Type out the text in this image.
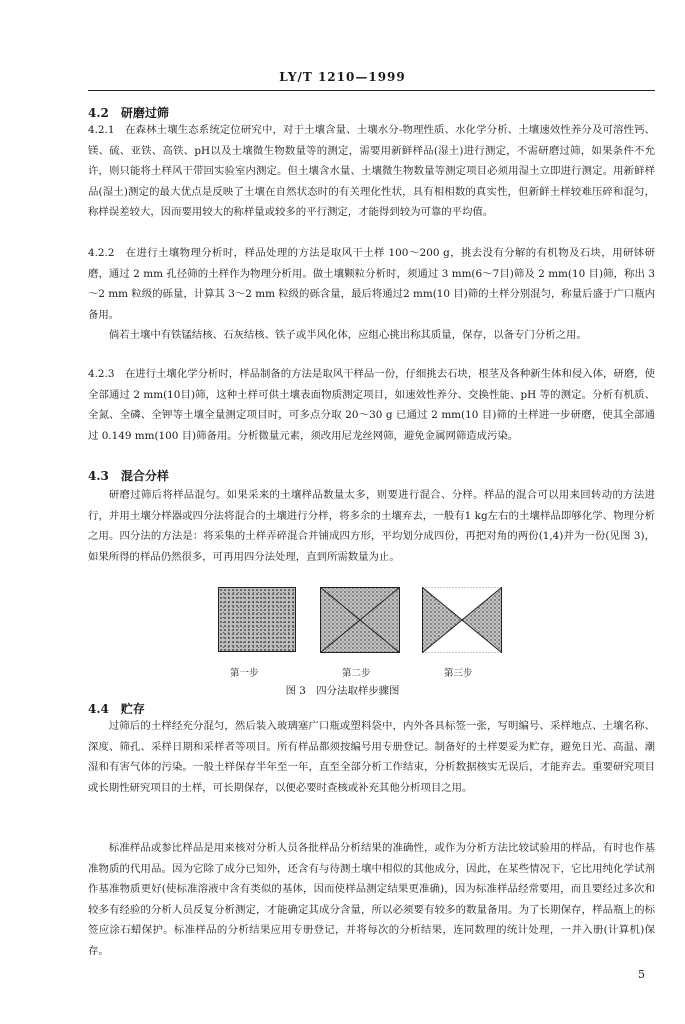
LY/T 1210—1999
4.2　研磨过筛
4.2.1　在森林土壤生态系统定位研究中，对于土壤含量、土壤水分-物理性质、水化学分析、土壤速效性养分及可溶性钙、镁、硫、亚铁、高铁、pH以及土壤微生物数量等的测定，需要用新鲜样品(湿土)进行测定，不需研磨过筛，如果条件不允许，则只能将土样风干带回实验室内测定。但土壤含水量、土壤微生物数量等测定项目必须用湿土立即进行测定。用新鲜样品(湿土)测定的最大优点是反映了土壤在自然状态时的有关理化性状，具有相相数的真实性，但新鲜土样较难压碎和混匀，称样误差较大，因而要用较大的称样量或较多的平行测定，才能得到较为可靠的平均值。
4.2.2　在进行土壤物理分析时，样品处理的方法是取风干土样 100～200 g，挑去没有分解的有机物及石块，用研钵研磨，通过 2 mm 孔径筛的土样作为物理分析用。做土壤颗粒分析时，须通过 3 mm(6～7目)筛及 2 mm(10 目)筛，称出 3～2 mm 粒级的砾量，计算其 3～2 mm 粒级的砾含量，最后将通过2 mm(10 目)筛的土样分别混匀，称量后盛于广口瓶内备用。
倘若土壤中有铁锰结核、石灰结核、铁子或半风化体，应组心挑出称其质量，保存，以备专门分析之用。
4.2.3　在进行土壤化学分析时，样品制备的方法是取风干样品一份，仔细挑去石块，根茎及各种新生体和侵入体，研磨，使全部通过 2 mm(10目)筛，这种土样可供土壤表面物质测定项目，如速效性养分、交换性能、pH 等的测定。分析有机质、全氮、全磷、全钾等土壤全量测定项目时，可多点分取 20～30 g 已通过 2 mm(10 目)筛的土样进一步研磨，使其全部通过 0.149 mm(100 目)筛备用。分析微量元素，须改用尼龙丝网筛，避免金属网筛造成污染。
4.3　混合分样
研磨过筛后将样品混匀。如果采来的土壤样品数量太多，则要进行混合、分样。样品的混合可以用来回转动的方法进行，并用土壤分样器或四分法将混合的土壤进行分样，将多余的土壤弃去，一般有1 kg左右的土壤样品即够化学、物理分析之用。四分法的方法是：将采集的土样弄碎混合并铺成四方形，平均划分成四份，再把对角的两份(1,4)并为一份(见图 3)，如果所得的样品仍然很多，可再用四分法处理，直到所需数量为止。
第一步	第二步	第三步
图 3　四分法取样步骤图
4.4　贮存
过筛后的土样经充分混匀，然后装入玻璃塞广口瓶或塑料袋中，内外各具标签一张，写明编号、采样地点、土壤名称、深度、筛孔、采样日期和采样者等项目。所有样品都须按编号用专册登记。制备好的土样要妥为贮存，避免日光、高温、潮湿和有害气体的污染。一般土样保存半年至一年，直至全部分析工作结束，分析数据核实无误后，才能弃去。重要研究项目或长期性研究项目的土样，可长期保存，以便必要时查核或补充其他分析项目之用。
标准样品或参比样品是用来核对分析人员各批样品分析结果的准确性，或作为分析方法比较试验用的样品，有时也作基准物质的代用品。因为它除了成分已知外，还含有与待测土壤中相似的其他成分，因此，在某些情况下，它比用纯化学试剂作基准物质更好(使标准溶液中含有类似的基体，因而使样品测定结果更准确)，因为标准样品经常要用，而且要经过多次和较多有经验的分析人员反复分析测定，才能确定其成分含量，所以必须要有较多的数量备用。为了长期保存，样品瓶上的标签应涂石蜡保护。标准样品的分析结果应用专册登记，并将每次的分析结果，连同数理的统计处理，一并入册(计算机)保存。
5
